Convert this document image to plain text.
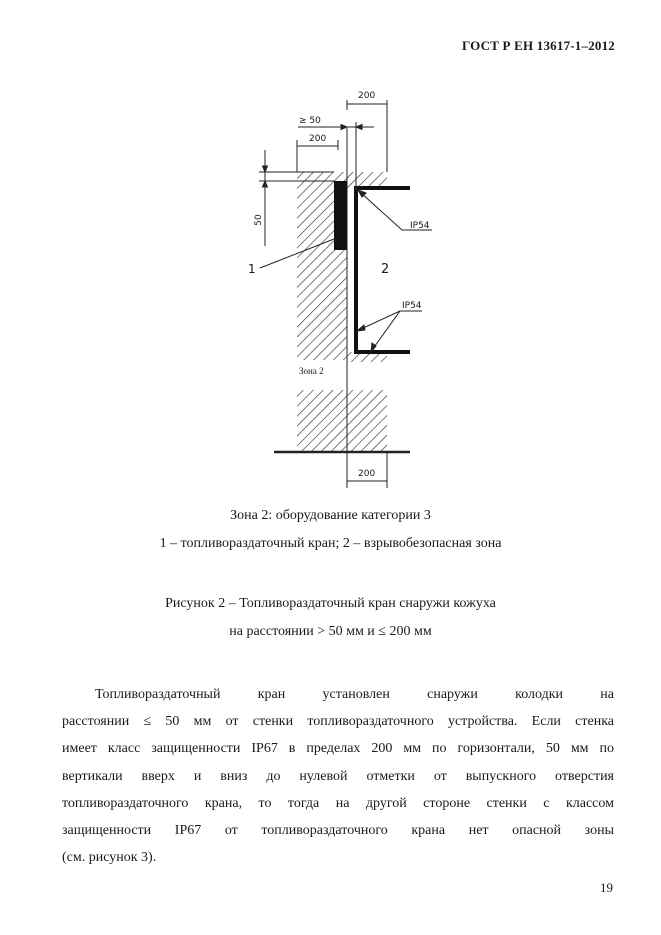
ГОСТ Р ЕН 13617-1–2012
200
≥ 50
200
50
200
1	2
IP54
IP54
Зона 2
Зона 2: оборудование категории 3
1 – топливораздаточный кран; 2 – взрывобезопасная зона
Рисунок 2 – Топливораздаточный кран снаружи кожуха
на расстоянии > 50 мм и ≤ 200 мм
Топливораздаточный кран установлен снаружи колодки на
расстоянии ≤ 50 мм от стенки топливораздаточного устройства. Если стенка
имеет класс защищенности IP67 в пределах 200 мм по горизонтали, 50 мм по
вертикали вверх и вниз до нулевой отметки от выпускного отверстия
топливораздаточного крана, то тогда на другой стороне стенки с классом
защищенности IP67 от топливораздаточного крана нет опасной зоны
(см. рисунок 3).
19
